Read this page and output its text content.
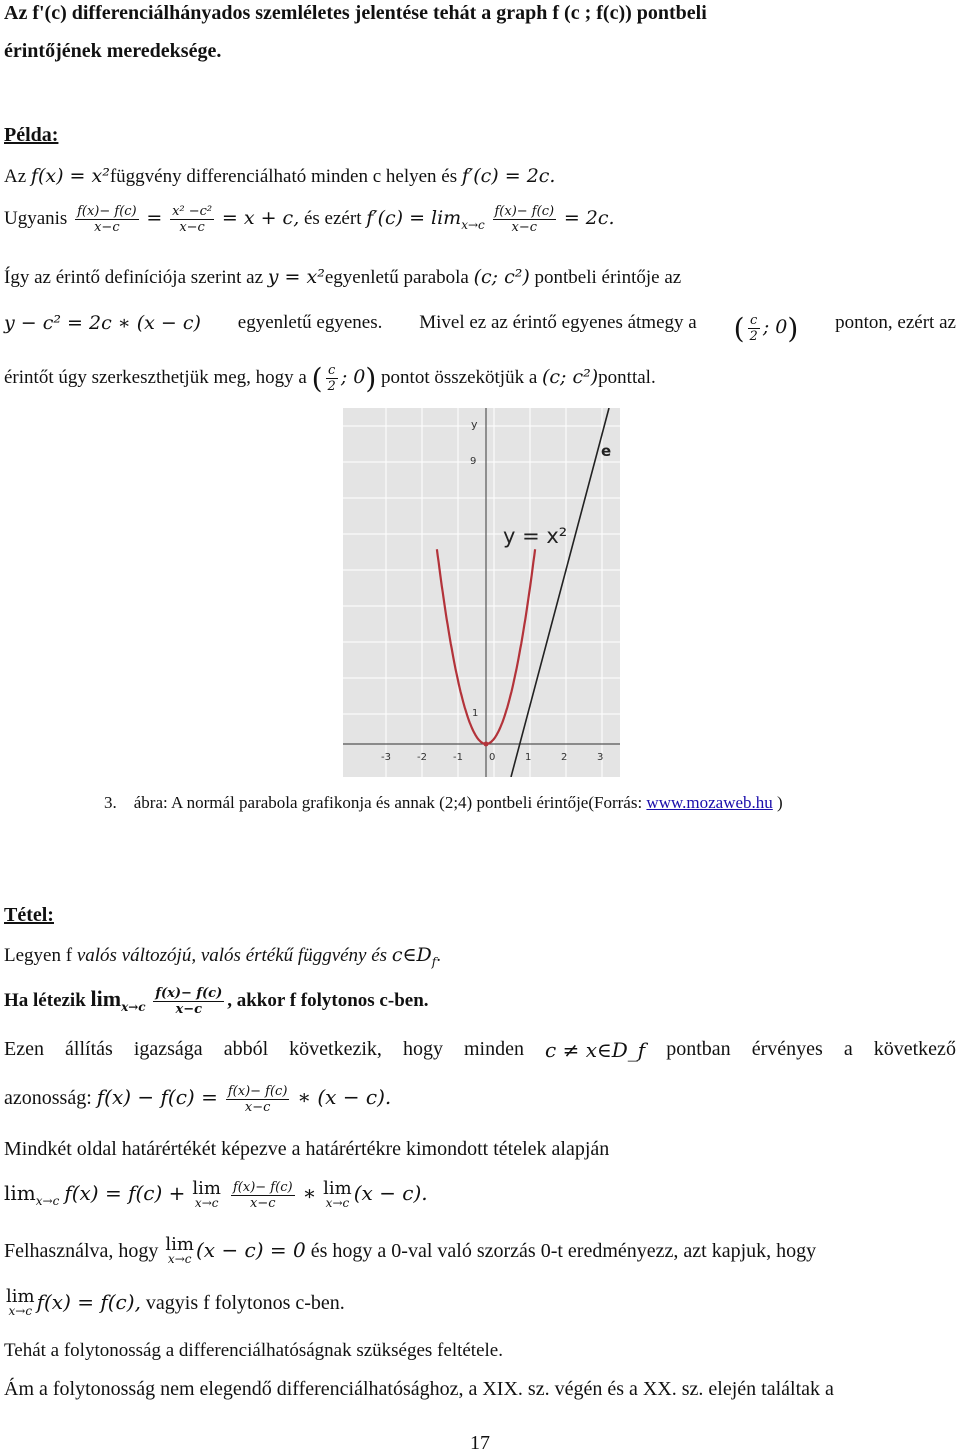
Az f'(c) differenciálhányados szemléletes jelentése tehát a graph f (c ; f(c)) pontbeli
érintőjének meredeksége.
Példa:
Az f(x) = x²függvény differenciálható minden c helyen és f′(c) = 2c.
Ugyanis $\frac{f(x)- f(c)}{x-c} = \frac{\text{x² −c²}}{x-c} = x + c$, és ezért $f'(c) = \lim_{x\to c} \frac{f(x)- f(c)}{x-c} = 2c$.
Így az érintő definíciója szerint az y = x²egyenletű parabola (c; c²) pontbeli érintője az
y − c² = 2c ∗ (x − c) egyenletű egyenes. Mivel ez az érintő egyenes átmegy a ( $\frac{c}{2}$ ; 0) ponton, ezért az
érintőt úgy szerkeszthetjük meg, hogy a ( $\frac{c}{2}$ ; 0) pontot összekötjük a (c; c²)ponttal.
y
9
1
-3	-2	-1	0	1	2	3
e
y = x²
3. ábra: A normál parabola grafikonja és annak (2;4) pontbeli érintője(Forrás: www.mozaweb.hu )
Tétel:
Legyen f valós változójú, valós értékű függvény és $c\in D_f$.
Ha létezik $\lim_{x\to c} \frac{f(x)- f(c)}{x-c}$ , akkor f folytonos c-ben.
Ezen állítás igazsága abból következik, hogy minden c ≠ x∈D_f pontban érvényes a következő
azonosság: $f(x) - f(c) = \frac{f(x)- f(c)}{x-c}$ ∗ (x − c).
Mindkét oldal határértékét képezve a határértékre kimondott tételek alapján
$\lim_{x\to c} f(x) = f(c) + \lim$
x→c
$\frac{f(x)- f(c)}{x-c}$ ∗ lim
x→c (x − c).
Felhasználva, hogy lim
x→c (x − c) = 0 és hogy a 0-val való szorzás 0-t eredményezz, azt kapjuk, hogy
lim
x→c f(x) = f(c), vagyis f folytonos c-ben.
Tehát a folytonosság a differenciálhatóságnak szükséges feltétele.
Ám a folytonosság nem elegendő differenciálhatósághoz, a XIX. sz. végén és a XX. sz. elején találtak a
17
